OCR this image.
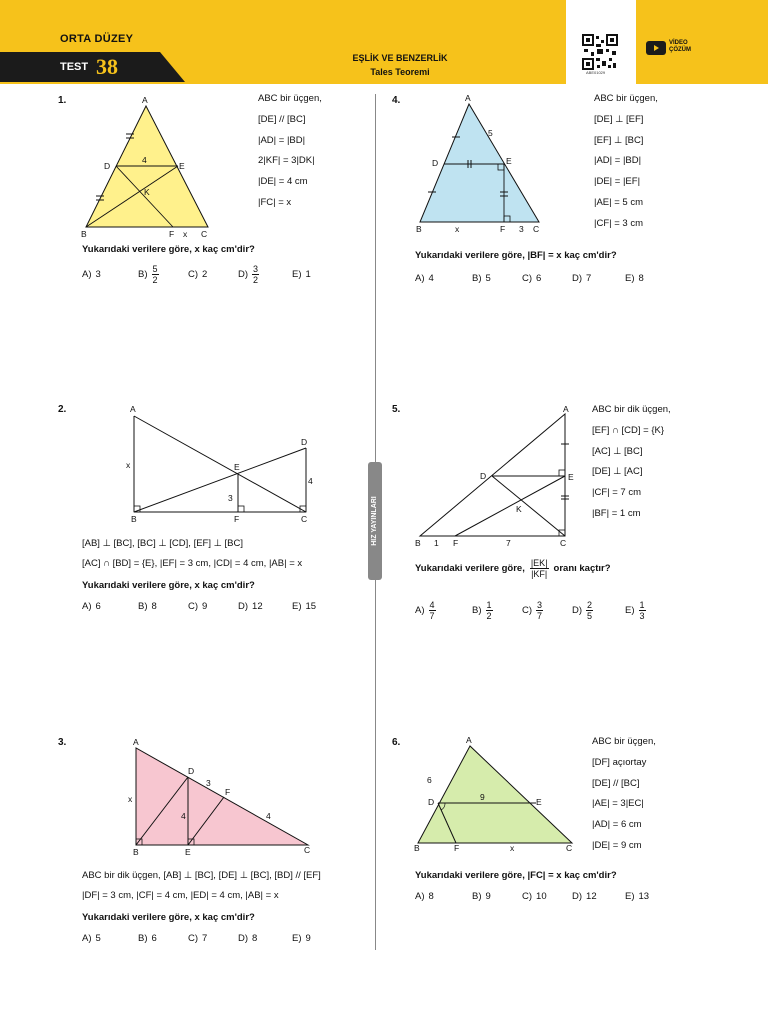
ORTA DÜZEY
TEST 38	EŞLİK VE BENZERLİK
Tales Teoremi	ABE01029
VİDEO
ÇÖZÜM
HIZ YAYINLARI
1.	A
D	E
4
K
B	F x C
ABC bir üçgen,
[DE] // [BC]
|AD| = |BD|
2|KF| = 3|DK|
|DE| = 4 cm
|FC| = x
Yukarıdaki verilere göre, x kaç cm'dir?
A) 3	$B) \frac{5}{2}$	C) 2	$D) \frac{3}{2}$	E) 1
4.	A
5
D	E
B	x	F 3 C
ABC bir üçgen,
[DE] ⊥ [EF]
[EF] ⊥ [BC]
|AD| = |BD|
|DE| = |EF|
|AE| = 5 cm
|CF| = 3 cm
Yukarıdaki verilere göre, |BF| = x kaç cm'dir?
A) 4	B) 5	C) 6	D) 7	E) 8
2.	A
x	E
3
D
4
B	F	C
[AB] ⊥ [BC], [BC] ⊥ [CD], [EF] ⊥ [BC]
[AC] ∩ [BD] = {E}, |EF| = 3 cm, |CD| = 4 cm, |AB| = x
Yukarıdaki verilere göre, x kaç cm'dir?
A) 6	B) 8	C) 9	D) 12	E) 15
5.	A
D	E
K
B 1 F	7	C
ABC bir dik üçgen,
[EF] ∩ [CD] = {K}
[AC] ⊥ [BC]
[DE] ⊥ [AC]
|CF| = 7 cm
|BF| = 1 cm
Yukarıdaki verilere göre, $\frac{|EK|}{|KF|}$ oranı kaçtır?
$A) \frac{4}{7}$	$B) \frac{1}{2}$	$C) \frac{3}{7}$	$D) \frac{2}{5}$	$E) \frac{1}{3}$
3.	A
x
D
3
F
4	4
B	E	C
ABC bir dik üçgen, [AB] ⊥ [BC], [DE] ⊥ [BC], [BD] // [EF]
|DF| = 3 cm, |CF| = 4 cm, |ED| = 4 cm, |AB| = x
Yukarıdaki verilere göre, x kaç cm'dir?
A) 5	B) 6	C) 7	D) 8	E) 9
6.
6
A
D	9	E
B	F	x	C
ABC bir üçgen,
[DF] açıortay
[DE] // [BC]
|AE| = 3|EC|
|AD| = 6 cm
|DE| = 9 cm
Yukarıdaki verilere göre, |FC| = x kaç cm'dir?
A) 8	B) 9	C) 10	D) 12	E) 13
